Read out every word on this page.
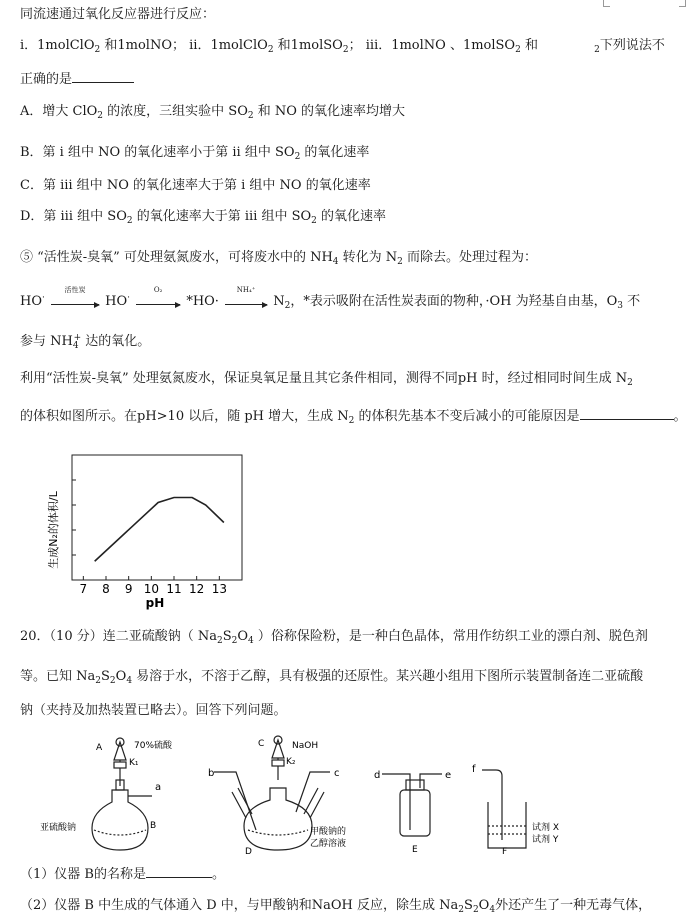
同流速通过氧化反应器进行反应：
ⅰ．1molClO$_2$ 和1molNO； ⅱ．1molClO$_2$ 和1molSO$_2$； ⅲ．1molNO 、1molSO$_2$ 和	$_2$下列说法不
正确的是
A．增大 ClO$_2$ 的浓度，三组实验中 $SO_2$ 和 NO 的氧化速率均增大
B．第 ⅰ 组中 NO 的氧化速率小于第 ⅱ 组中 $SO_2$ 的氧化速率
C．第 ⅲ 组中 NO 的氧化速率大于第 ⅰ 组中 NO 的氧化速率
D．第 ⅲ 组中 $SO_2$ 的氧化速率大于第 ⅲ 组中 $SO_2$ 的氧化速率
⑤ “活性炭-臭氧” 可处理氨氮废水，可将废水中的 $NH_4$ 转化为 $N_2$ 而除去。处理过程为：
HO·
活性炭
HO·
O₂
*HO·
NH₄⁺
$N_2$，*表示吸附在活性炭表面的物种，·OH 为羟基自由基，$O_3$ 不
参与 $NH_4^+$ 达的氧化。
利用“活性炭-臭氧” 处理氨氮废水，保证臭氧足量且其它条件相同，测得不同pH 时，经过相同时间生成 $N_2$
的体积如图所示。在pH>10 以后，随 pH 增大，生成 $N_2$ 的体积先基本不变后减小的可能原因是	。
生成N₂的体积/L
7 8 9 10 11 12 13
pH
20．（10 分）连二亚硫酸钠（ $Na_2S_2O_4$ ）俗称保险粉，是一种白色晶体，常用作纺织工业的漂白剂、脱色剂
等。已知 $Na_2S_2O_4$ 易溶于水，不溶于乙醇，具有极强的还原性。某兴趣小组用下图所示装置制备连二亚硫酸
钠（夹持及加热装置已略去）。回答下列问题。
A	70%硫酸
K₁
a
B
亚硫酸钠
C	NaOH
K₂
b	c
D
甲酸钠的
乙醇溶液
d	e
E
f
试剂 X
试剂 Y
F
（1）仪器 B的名称是	。
（2）仪器 B 中生成的气体通入 D 中，与甲酸钠和NaOH 反应，除生成 $Na_2S_2O_4$外还产生了一种无毒气体，
